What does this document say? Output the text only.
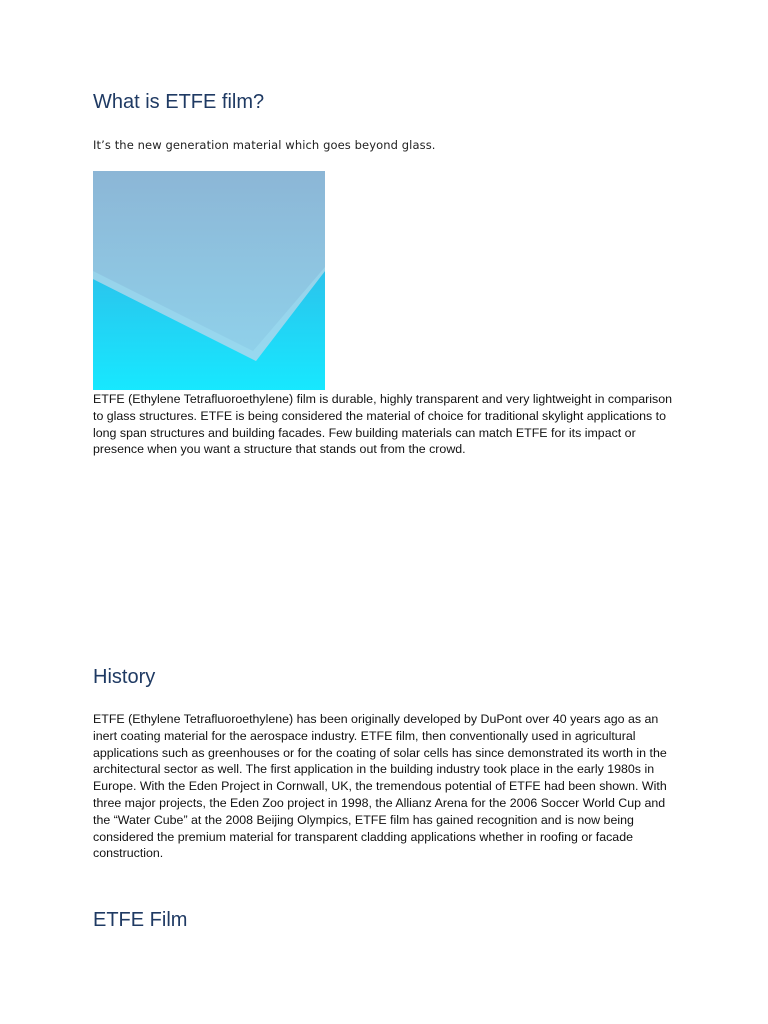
What is ETFE film?

It’s the new generation material which goes beyond glass.

ETFE (Ethylene Tetrafluoroethylene) film is durable, highly transparent and very lightweight in comparison to glass structures. ETFE is being considered the material of choice for traditional skylight applications to long span structures and building facades. Few building materials can match ETFE for its impact or presence when you want a structure that stands out from the crowd.

History

ETFE (Ethylene Tetrafluoroethylene) has been originally developed by DuPont over 40 years ago as an inert coating material for the aerospace industry. ETFE film, then conventionally used in agricultural applications such as greenhouses or for the coating of solar cells has since demonstrated its worth in the architectural sector as well. The first application in the building industry took place in the early 1980s in Europe. With the Eden Project in Cornwall, UK, the tremendous potential of ETFE had been shown. With three major projects, the Eden Zoo project in 1998, the Allianz Arena for the 2006 Soccer World Cup and the “Water Cube” at the 2008 Beijing Olympics, ETFE film has gained recognition and is now being considered the premium material for transparent cladding applications whether in roofing or facade construction.

ETFE Film
